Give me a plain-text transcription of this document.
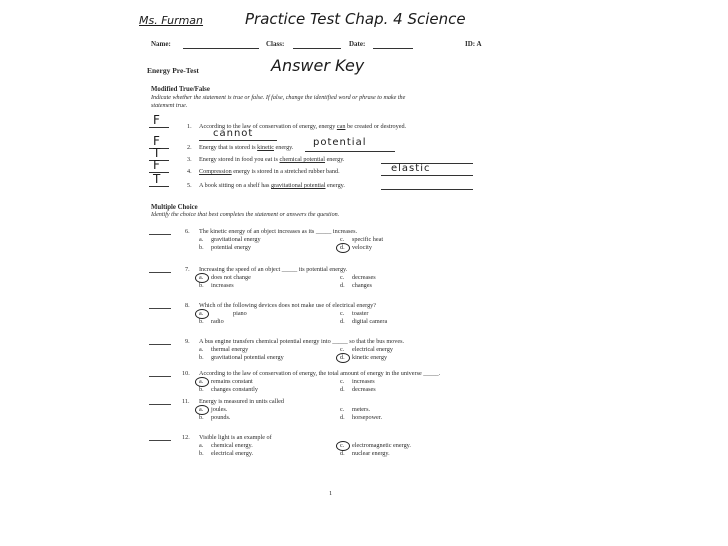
Ms. Furman	Practice Test Chap. 4 Science
Name:	Class:	Date:	ID: A
Energy Pre-Test	Answer Key
Modified True/False
Indicate whether the statement is true or false. If false, change the identified word or phrase to make the
statement true.
F	1. According to the law of conservation of energy, energy can be created or destroyed.
cannot
F	2. Energy that is stored is kinetic energy. potential
T	3. Energy stored in food you eat is chemical potential energy.
F	4. Compression energy is stored in a stretched rubber band.	elastic
T	5. A book sitting on a shelf has gravitational potential energy.
Multiple Choice
Identify the choice that best completes the statement or answers the question.
6. The kinetic energy of an object increases as its _____ increases.
a. gravitational energy
b. potential energy
c. specific heat
d. velocity
7. Increasing the speed of an object _____ its potential energy.
a. does not change
b. increases
c. decreases
d. changes
8. Which of the following devices does not make use of electrical energy?
a.	piano
b. radio
c. toaster
d. digital camera
9. A bus engine transfers chemical potential energy into _____ so that the bus moves.
a. thermal energy
b. gravitational potential energy
c. electrical energy
d. kinetic energy
10. According to the law of conservation of energy, the total amount of energy in the universe _____.
a. remains constant
b. changes constantly
c. increases
d. decreases
11. Energy is measured in units called
a. joules.
b. pounds.
c. meters.
d. horsepower.
12. Visible light is an example of
a. chemical energy.
b. electrical energy.
c. electromagnetic energy.
d. nuclear energy.
1
